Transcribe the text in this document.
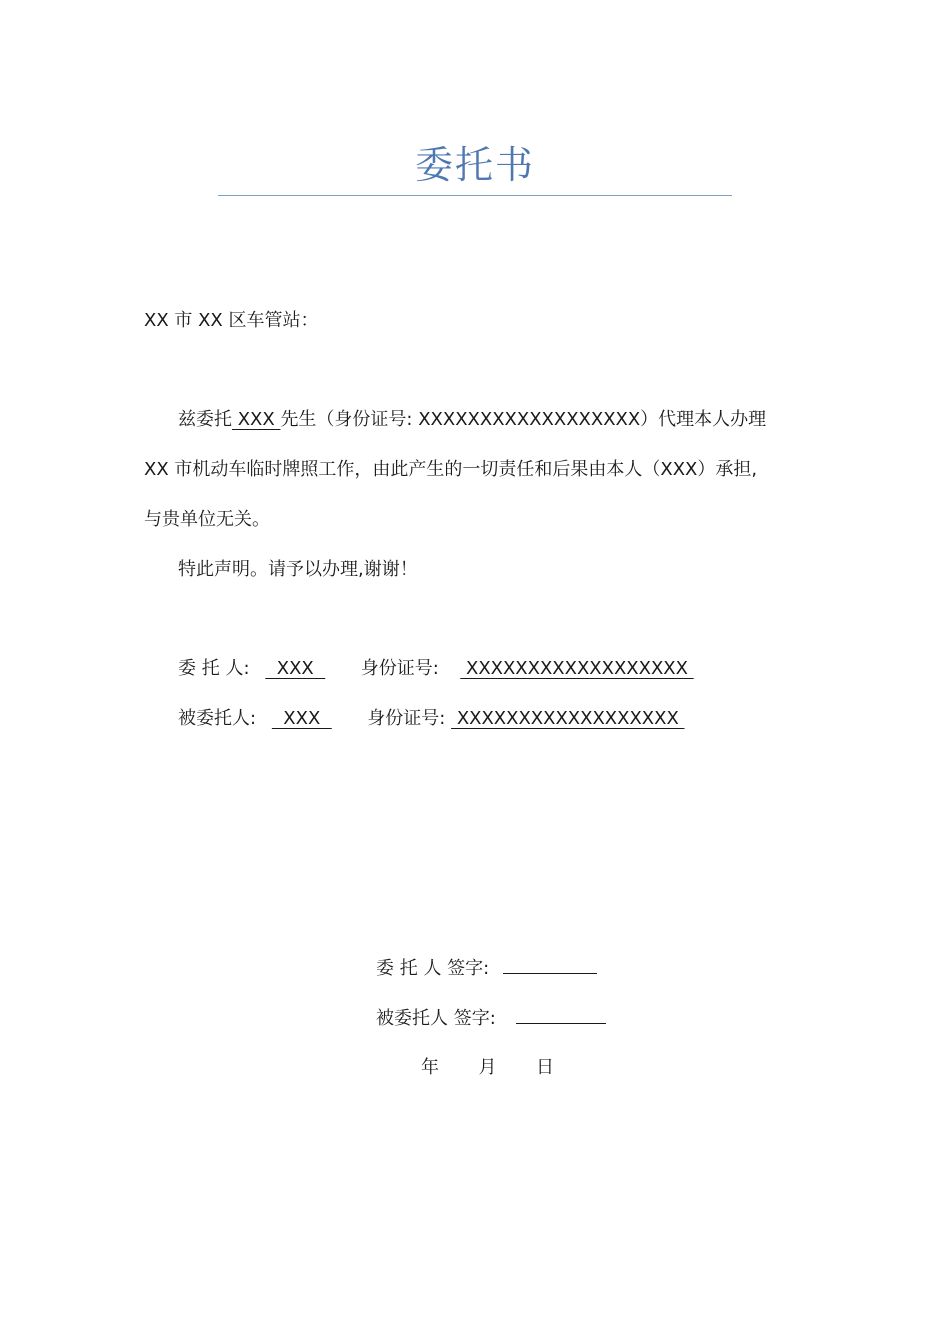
委托书
XX 市 XX 区车管站：
兹委托 XXX 先生（身份证号: XXXXXXXXXXXXXXXXXX）代理本人办理
XX 市机动车临时牌照工作，由此产生的一切责任和后果由本人（XXX）承担,
与贵单位无关。
特此声明。请予以办理,谢谢！
委 托 人:   XXX    身份证号:   XXXXXXXXXXXXXXXXXX
被委托人:   XXX    身份证号:  XXXXXXXXXXXXXXXXXX
委 托 人 签字:
被委托人 签字:
年 月 日
